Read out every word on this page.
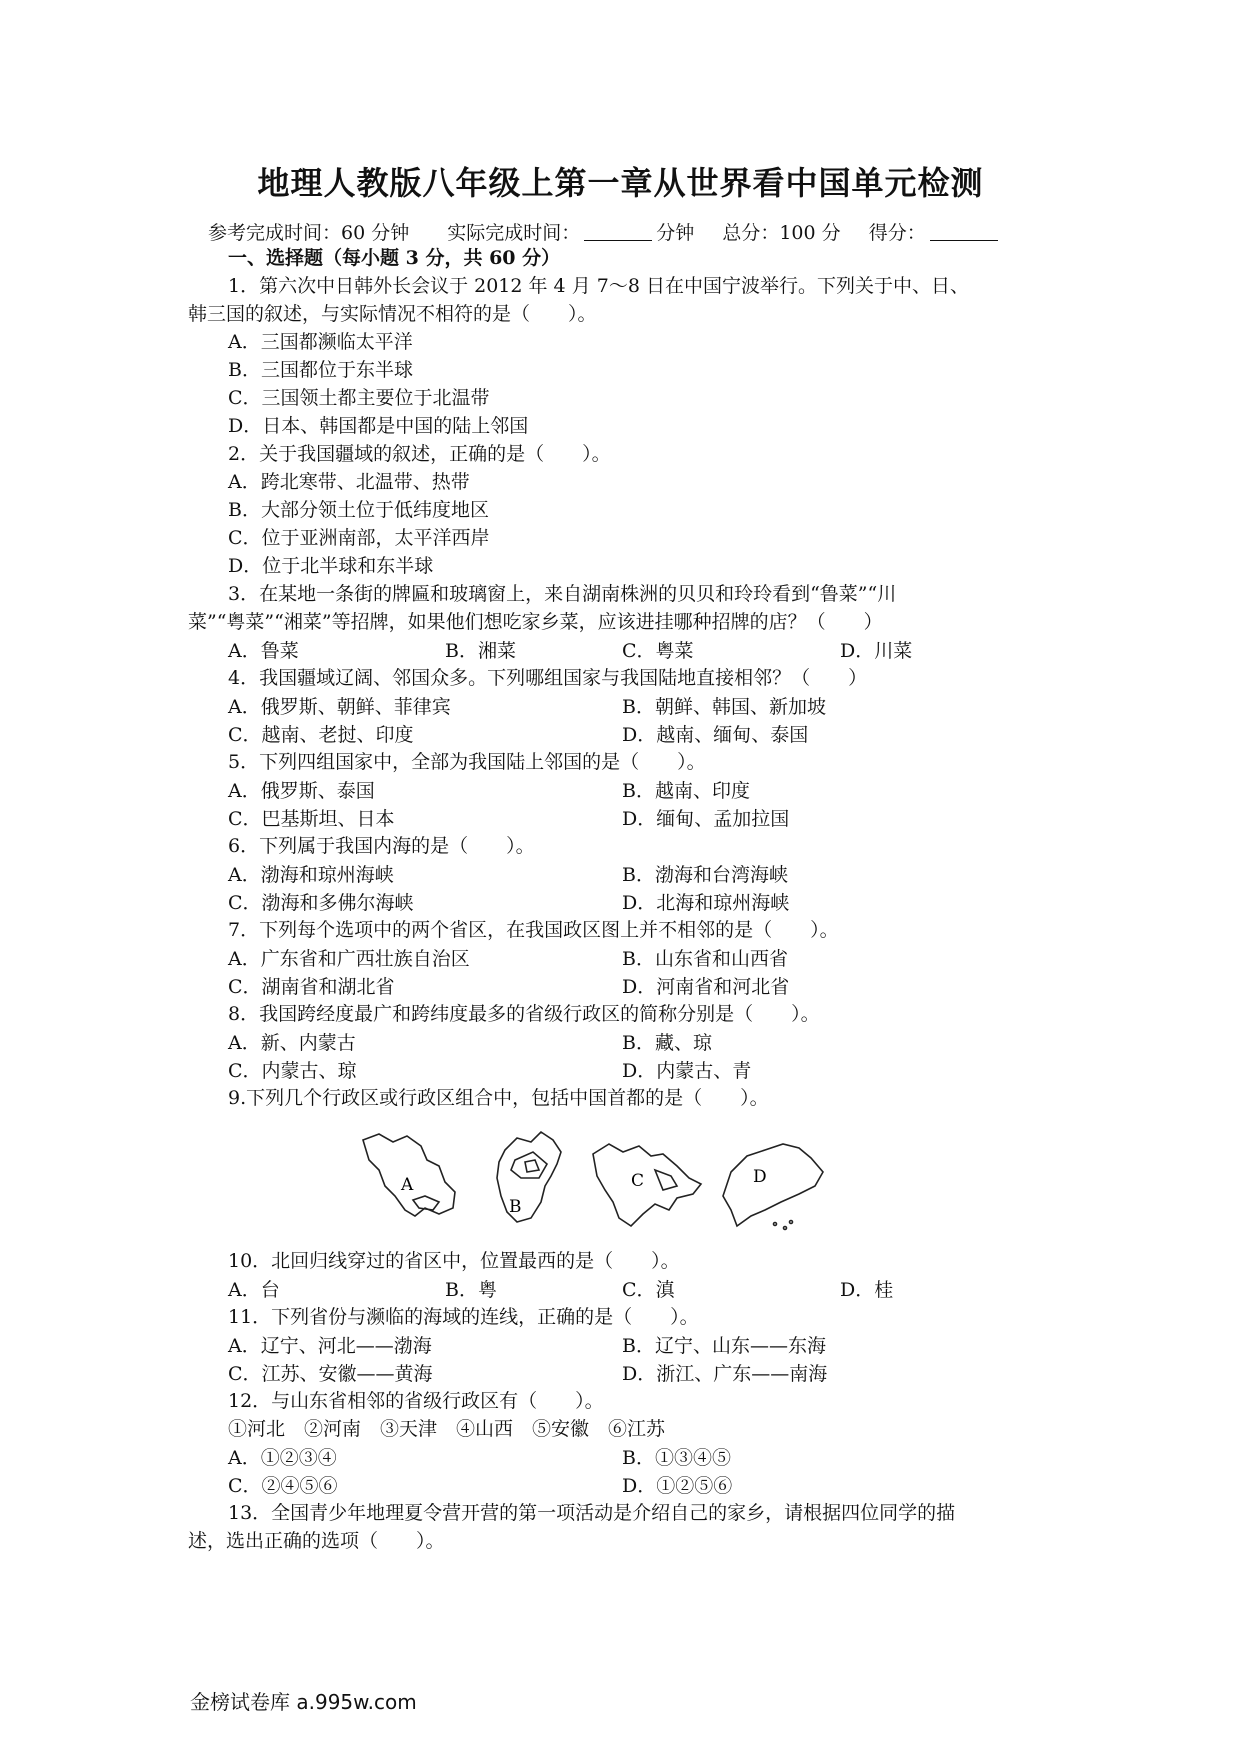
地理人教版八年级上第一章从世界看中国单元检测
参考完成时间：60 分钟 实际完成时间：	分钟 总分：100 分 得分：
一、选择题（每小题 3 分，共 60 分）
1．第六次中日韩外长会议于 2012 年 4 月 7～8 日在中国宁波举行。下列关于中、日、
韩三国的叙述，与实际情况不相符的是（　　）。
A．三国都濒临太平洋
B．三国都位于东半球
C．三国领土都主要位于北温带
D．日本、韩国都是中国的陆上邻国
2．关于我国疆域的叙述，正确的是（　　）。
A．跨北寒带、北温带、热带
B．大部分领土位于低纬度地区
C．位于亚洲南部，太平洋西岸
D．位于北半球和东半球
3．在某地一条街的牌匾和玻璃窗上，来自湖南株洲的贝贝和玲玲看到“鲁菜”“川
菜”“粤菜”“湘菜”等招牌，如果他们想吃家乡菜，应该进挂哪种招牌的店？（　　）
A．鲁菜	B．湘菜	C．粤菜	D．川菜
4．我国疆域辽阔、邻国众多。下列哪组国家与我国陆地直接相邻？（　　）
A．俄罗斯、朝鲜、菲律宾	B．朝鲜、韩国、新加坡
C．越南、老挝、印度	D．越南、缅甸、泰国
5．下列四组国家中，全部为我国陆上邻国的是（　　）。
A．俄罗斯、泰国	B．越南、印度
C．巴基斯坦、日本	D．缅甸、孟加拉国
6．下列属于我国内海的是（　　）。
A．渤海和琼州海峡	B．渤海和台湾海峡
C．渤海和多佛尔海峡	D．北海和琼州海峡
7．下列每个选项中的两个省区，在我国政区图上并不相邻的是（　　）。
A．广东省和广西壮族自治区	B．山东省和山西省
C．湖南省和湖北省	D．河南省和河北省
8．我国跨经度最广和跨纬度最多的省级行政区的简称分别是（　　）。
A．新、内蒙古	B．藏、琼
C．内蒙古、琼	D．内蒙古、青
9.下列几个行政区或行政区组合中，包括中国首都的是（　　）。
A
B
C	D
10．北回归线穿过的省区中，位置最西的是（　　）。
A．台	B．粤	C．滇	D．桂
11．下列省份与濒临的海域的连线，正确的是（　　）。
A．辽宁、河北——渤海	B．辽宁、山东——东海
C．江苏、安徽——黄海	D．浙江、广东——南海
12．与山东省相邻的省级行政区有（　　）。
①河北　②河南　③天津　④山西　⑤安徽　⑥江苏
A．①②③④	B．①③④⑤
C．②④⑤⑥	D．①②⑤⑥
13．全国青少年地理夏令营开营的第一项活动是介绍自己的家乡，请根据四位同学的描
述，选出正确的选项（　　）。
金榜试卷库 a.995w.com
